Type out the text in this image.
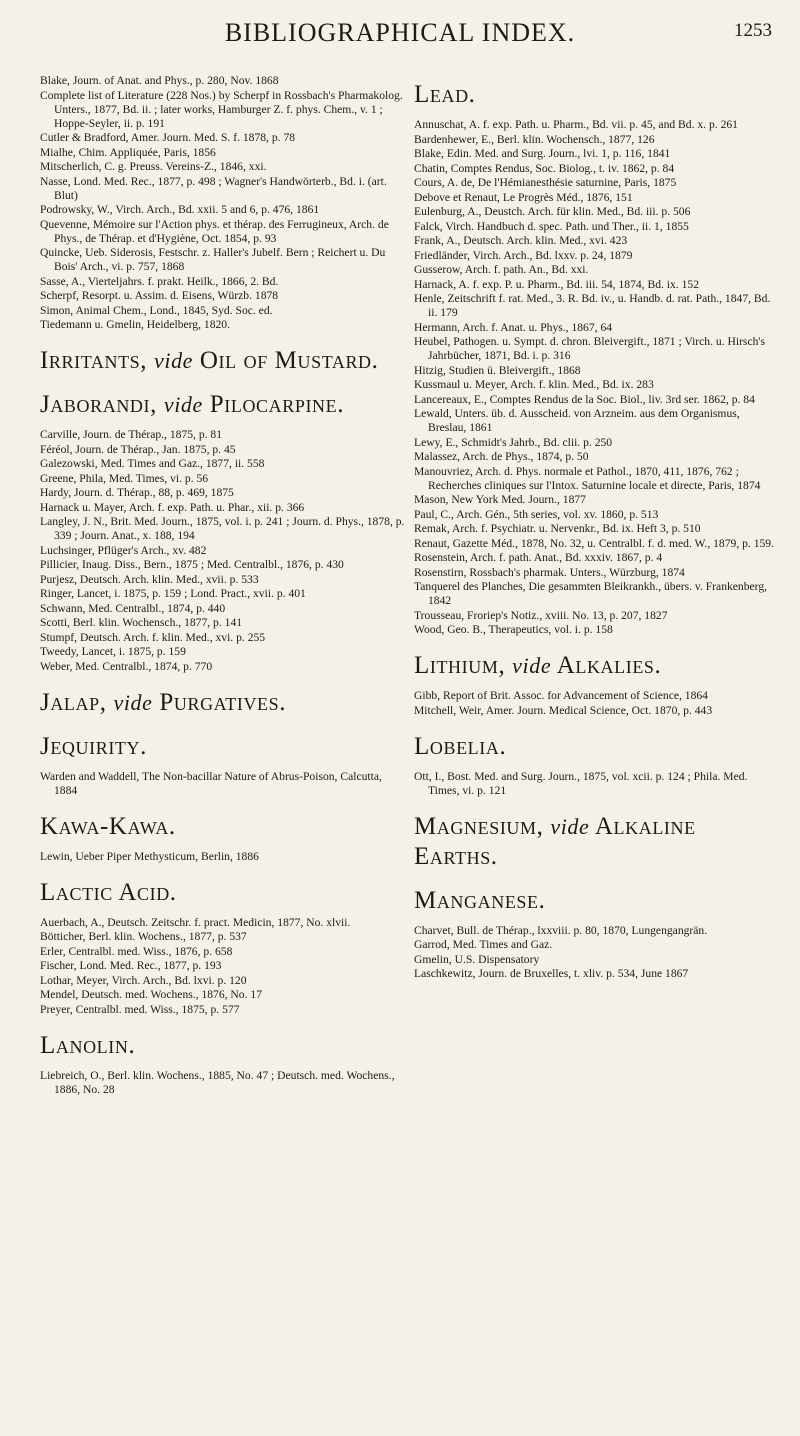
BIBLIOGRAPHICAL INDEX.	1253
Blake, Journ. of Anat. and Phys., p. 280, Nov. 1868
Complete list of Literature (228 Nos.) by Scherpf in Rossbach's Pharmakolog. Unters., 1877, Bd. ii. ; later works, Hamburger Z. f. phys. Chem., v. 1 ; Hoppe-Seyler, ii. p. 191
Cutler & Bradford, Amer. Journ. Med. S. f. 1878, p. 78
Mialhe, Chim. Appliquée, Paris, 1856
Mitscherlich, C. g. Preuss. Vereins-Z., 1846, xxi.
Nasse, Lond. Med. Rec., 1877, p. 498 ; Wagner's Handwörterb., Bd. i. (art. Blut)
Podrowsky, W., Virch. Arch., Bd. xxii. 5 and 6, p. 476, 1861
Quevenne, Mémoire sur l'Action phys. et thérap. des Ferrugineux, Arch. de Phys., de Thérap. et d'Hygiène, Oct. 1854, p. 93
Quincke, Ueb. Siderosis, Festschr. z. Haller's Jubelf. Bern ; Reichert u. Du Bois' Arch., vi. p. 757, 1868
Sasse, A., Vierteljahrs. f. prakt. Heilk., 1866, 2. Bd.
Scherpf, Resorpt. u. Assim. d. Eisens, Würzb. 1878
Simon, Animal Chem., Lond., 1845, Syd. Soc. ed.
Tiedemann u. Gmelin, Heidelberg, 1820.
Irritants, vide Oil of Mustard.
Jaborandi, vide Pilocarpine.
Carville, Journ. de Thérap., 1875, p. 81
Féréol, Journ. de Thérap., Jan. 1875, p. 45
Galezowski, Med. Times and Gaz., 1877, ii. 558
Greene, Phila, Med. Times, vi. p. 56
Hardy, Journ. d. Thérap., 88, p. 469, 1875
Harnack u. Mayer, Arch. f. exp. Path. u. Phar., xii. p. 366
Langley, J. N., Brit. Med. Journ., 1875, vol. i. p. 241 ; Journ. d. Phys., 1878, p. 339 ; Journ. Anat., x. 188, 194
Luchsinger, Pflüger's Arch., xv. 482
Pillicier, Inaug. Diss., Bern., 1875 ; Med. Centralbl., 1876, p. 430
Purjesz, Deutsch. Arch. klin. Med., xvii. p. 533
Ringer, Lancet, i. 1875, p. 159 ; Lond. Pract., xvii. p. 401
Schwann, Med. Centralbl., 1874, p. 440
Scotti, Berl. klin. Wochensch., 1877, p. 141
Stumpf, Deutsch. Arch. f. klin. Med., xvi. p. 255
Tweedy, Lancet, i. 1875, p. 159
Weber, Med. Centralbl., 1874, p. 770
Jalap, vide Purgatives.
Jequirity.
Warden and Waddell, The Non-bacillar Nature of Abrus-Poison, Calcutta, 1884
Kawa-Kawa.
Lewin, Ueber Piper Methysticum, Berlin, 1886
Lactic Acid.
Auerbach, A., Deutsch. Zeitschr. f. pract. Medicin, 1877, No. xlvii.
Bötticher, Berl. klin. Wochens., 1877, p. 537
Erler, Centralbl. med. Wiss., 1876, p. 658
Fischer, Lond. Med. Rec., 1877, p. 193
Lothar, Meyer, Virch. Arch., Bd. lxvi. p. 120
Mendel, Deutsch. med. Wochens., 1876, No. 17
Preyer, Centralbl. med. Wiss., 1875, p. 577
Lanolin.
Liebreich, O., Berl. klin. Wochens., 1885, No. 47 ; Deutsch. med. Wochens., 1886, No. 28
Lead.
Annuschat, A. f. exp. Path. u. Pharm., Bd. vii. p. 45, and Bd. x. p. 261
Bardenhewer, E., Berl. klin. Wochensch., 1877, 126
Blake, Edin. Med. and Surg. Journ., lvi. 1, p. 116, 1841
Chatin, Comptes Rendus, Soc. Biolog., t. iv. 1862, p. 84
Cours, A. de, De l'Hémianesthésie saturnine, Paris, 1875
Debove et Renaut, Le Progrès Méd., 1876, 151
Eulenburg, A., Deustch. Arch. für klin. Med., Bd. iii. p. 506
Falck, Virch. Handbuch d. spec. Path. und Ther., ii. 1, 1855
Frank, A., Deutsch. Arch. klin. Med., xvi. 423
Friedländer, Virch. Arch., Bd. lxxv. p. 24, 1879
Gusserow, Arch. f. path. An., Bd. xxi.
Harnack, A. f. exp. P. u. Pharm., Bd. iii. 54, 1874, Bd. ix. 152
Henle, Zeitschrift f. rat. Med., 3. R. Bd. iv., u. Handb. d. rat. Path., 1847, Bd. ii. 179
Hermann, Arch. f. Anat. u. Phys., 1867, 64
Heubel, Pathogen. u. Sympt. d. chron. Bleivergift., 1871 ; Virch. u. Hirsch's Jahrbücher, 1871, Bd. i. p. 316
Hitzig, Studien ü. Bleivergift., 1868
Kussmaul u. Meyer, Arch. f. klin. Med., Bd. ix. 283
Lancereaux, E., Comptes Rendus de la Soc. Biol., liv. 3rd ser. 1862, p. 84
Lewald, Unters. üb. d. Ausscheid. von Arzneim. aus dem Organismus, Breslau, 1861
Lewy, E., Schmidt's Jahrb., Bd. clii. p. 250
Malassez, Arch. de Phys., 1874, p. 50
Manouvriez, Arch. d. Phys. normale et Pathol., 1870, 411, 1876, 762 ; Recherches cliniques sur l'Intox. Saturnine locale et directe, Paris, 1874
Mason, New York Med. Journ., 1877
Paul, C., Arch. Gén., 5th series, vol. xv. 1860, p. 513
Remak, Arch. f. Psychiatr. u. Nervenkr., Bd. ix. Heft 3, p. 510
Renaut, Gazette Méd., 1878, No. 32, u. Centralbl. f. d. med. W., 1879, p. 159.
Rosenstein, Arch. f. path. Anat., Bd. xxxiv. 1867, p. 4
Rosenstirn, Rossbach's pharmak. Unters., Würzburg, 1874
Tanquerel des Planches, Die gesammten Bleikrankh., übers. v. Frankenberg, 1842
Trousseau, Froriep's Notiz., xviii. No. 13, p. 207, 1827
Wood, Geo. B., Therapeutics, vol. i. p. 158
Lithium, vide Alkalies.
Gibb, Report of Brit. Assoc. for Advancement of Science, 1864
Mitchell, Weir, Amer. Journ. Medical Science, Oct. 1870, p. 443
Lobelia.
Ott, I., Bost. Med. and Surg. Journ., 1875, vol. xcii. p. 124 ; Phila. Med. Times, vi. p. 121
Magnesium, vide Alkaline Earths.
Manganese.
Charvet, Bull. de Thérap., lxxviii. p. 80, 1870, Lungengangrän.
Garrod, Med. Times and Gaz.
Gmelin, U.S. Dispensatory
Laschkewitz, Journ. de Bruxelles, t. xliv. p. 534, June 1867
